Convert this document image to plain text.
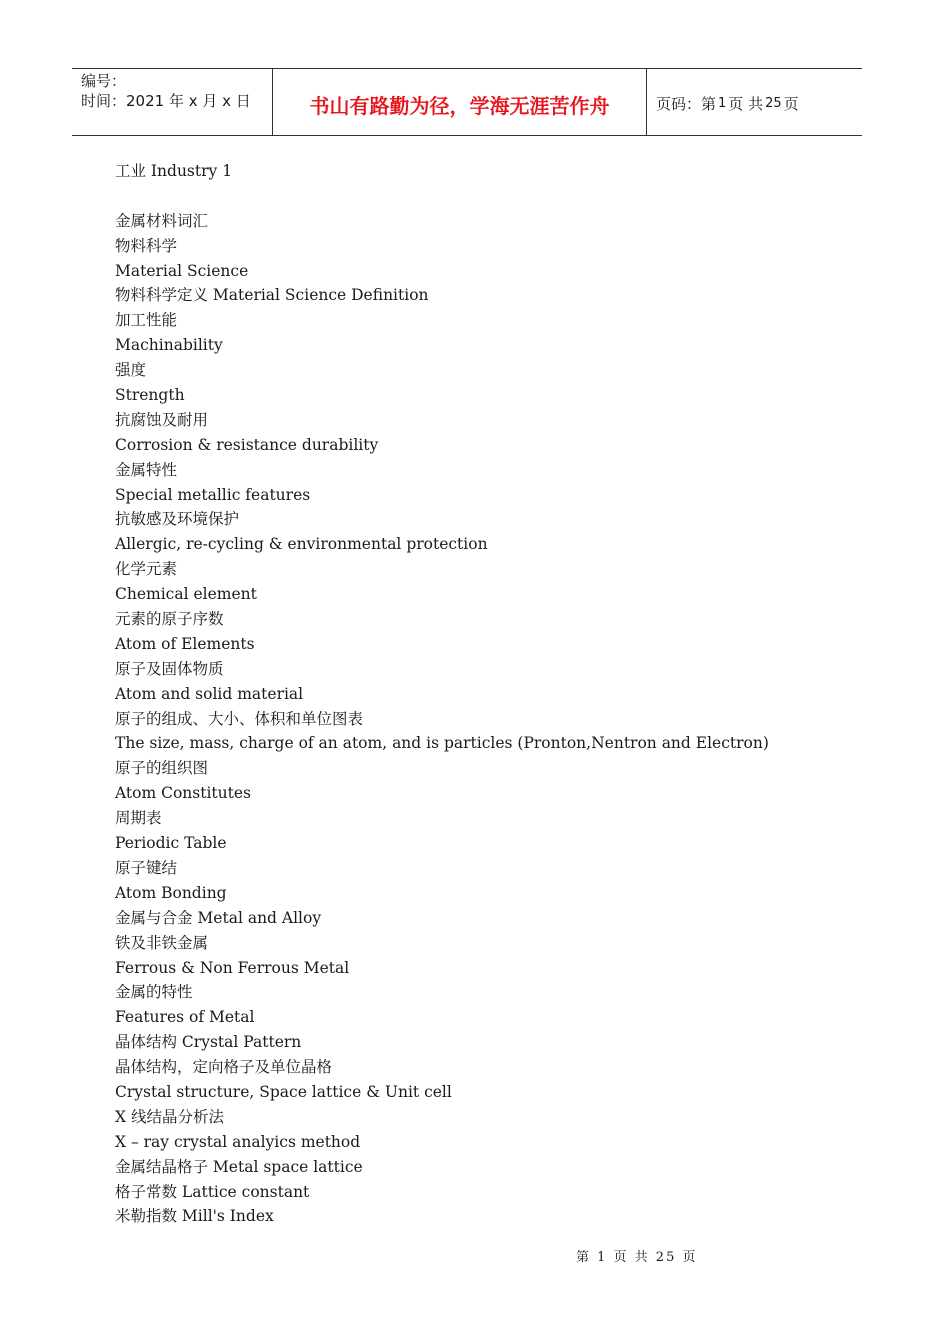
编号：
时间：2021 年 x 月 x 日	书山有路勤为径，学海无涯苦作舟	页码：第 1 页 共 25 页
工业 Industry 1
金属材料词汇
物料科学
Material Science
物料科学定义 Material Science Definition
加工性能
Machinability
强度
Strength
抗腐蚀及耐用
Corrosion & resistance durability
金属特性
Special metallic features
抗敏感及环境保护
Allergic, re-cycling & environmental protection
化学元素
Chemical element
元素的原子序数
Atom of Elements
原子及固体物质
Atom and solid material
原子的组成、大小、体积和单位图表
The size, mass, charge of an atom, and is particles (Pronton,Nentron and Electron)
原子的组织图
Atom Constitutes
周期表
Periodic Table
原子键结
Atom Bonding
金属与合金 Metal and Alloy
铁及非铁金属
Ferrous & Non Ferrous Metal
金属的特性
Features of Metal
晶体结构 Crystal Pattern
晶体结构，定向格子及单位晶格
Crystal structure, Space lattice & Unit cell
X 线结晶分析法
X – ray crystal analyics method
金属结晶格子 Metal space lattice
格子常数 Lattice constant
米勒指数 Mill's Index
第 1 页 共 25 页
